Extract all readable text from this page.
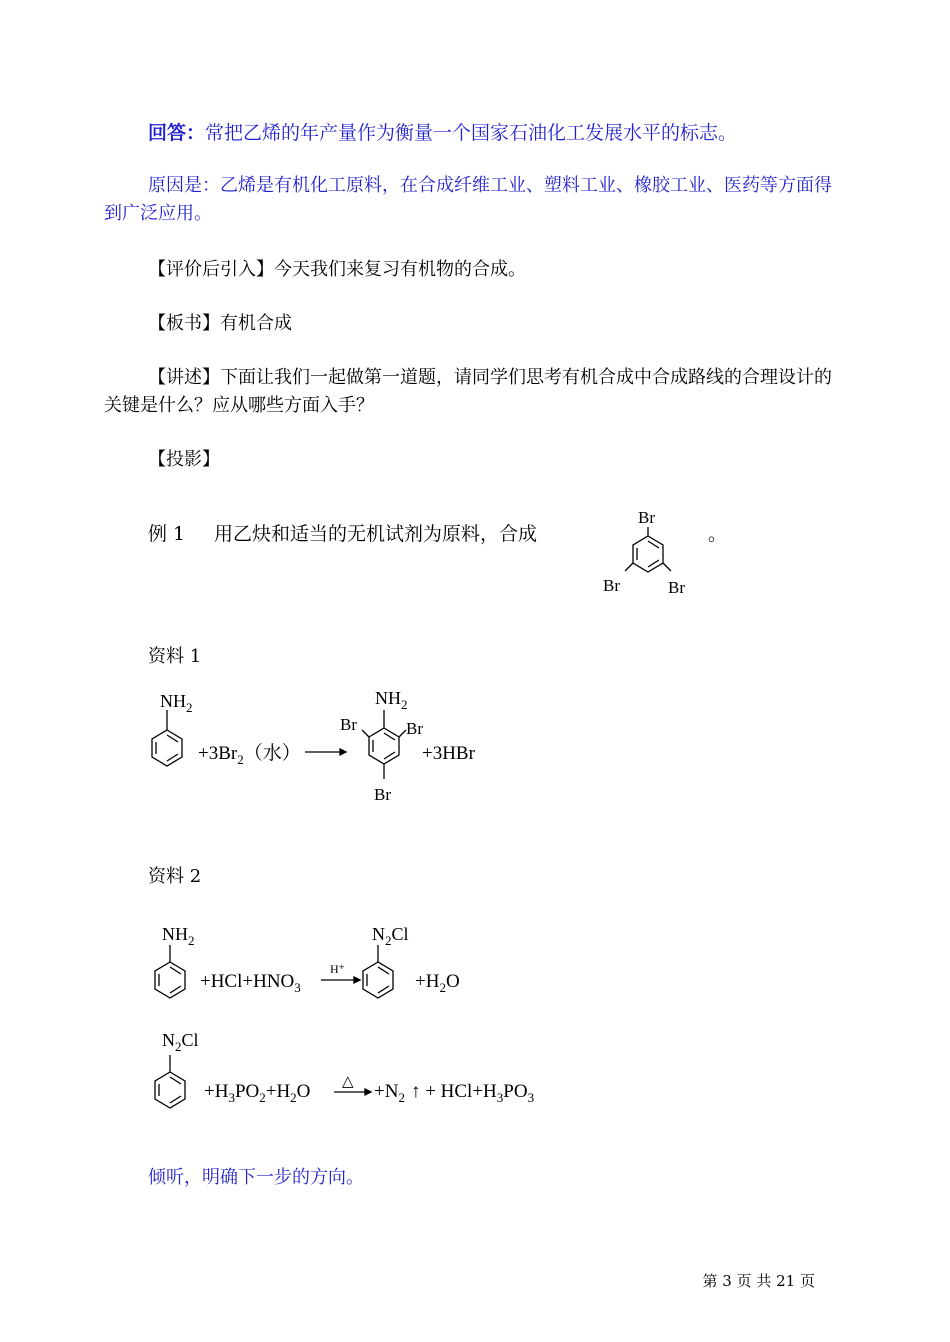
回答：常把乙烯的年产量作为衡量一个国家石油化工发展水平的标志。

原因是：乙烯是有机化工原料，在合成纤维工业、塑料工业、橡胶工业、医药等方面得到广泛应用。

【评价后引入】今天我们来复习有机物的合成。

【板书】有机合成

【讲述】下面让我们一起做第一道题，请同学们思考有机合成中合成路线的合理设计的关键是什么？应从哪些方面入手？

【投影】

例 1 用乙炔和适当的无机试剂为原料，合成	。
Br
Br	Br
资料 1
$NH_2$
$+3Br_2$（水）
$NH_2$
Br	Br
Br
+3HBr
资料 2
$NH_2$
$+HCl+HNO_3$
H⁺
$N_2Cl$
$+H_2O$
$N_2Cl$
$+H_3PO_2+H_2O$ △ $+N_2$ ↑ + $HCl+H_3PO_3$

倾听，明确下一步的方向。

第 3 页 共 21 页
